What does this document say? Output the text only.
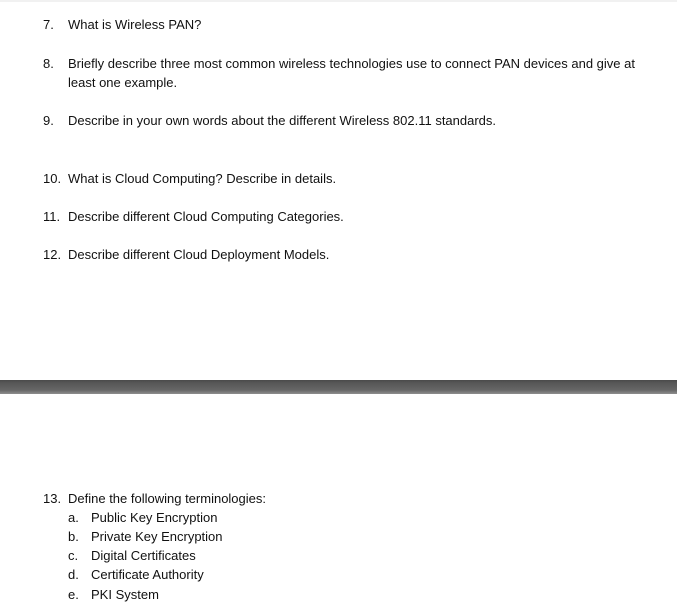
7.	What is Wireless PAN?
8.	Briefly describe three most common wireless technologies use to connect PAN devices and give at least one example.
9.	Describe in your own words about the different Wireless 802.11 standards.
10. What is Cloud Computing? Describe in details.
11. Describe different Cloud Computing Categories.
12. Describe different Cloud Deployment Models.
13. Define the following terminologies:
a. Public Key Encryption
b. Private Key Encryption
c. Digital Certificates
d. Certificate Authority
e. PKI System
